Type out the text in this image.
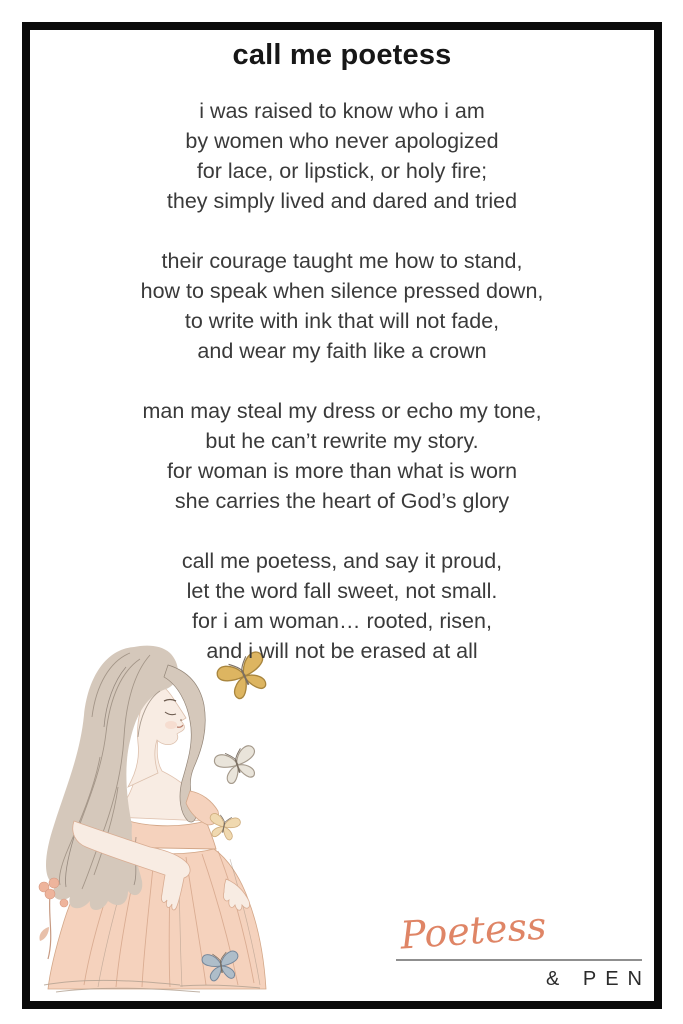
call me poetess
i was raised to know who i am
by women who never apologized
for lace, or lipstick, or holy fire;
they simply lived and dared and tried
their courage taught me how to stand,
how to speak when silence pressed down,
to write with ink that will not fade,
and wear my faith like a crown
man may steal my dress or echo my tone,
but he can’t rewrite my story.
for woman is more than what is worn
she carries the heart of God’s glory
call me poetess, and say it proud,
let the word fall sweet, not small.
for i am woman… rooted, risen,
and i will not be erased at all
Poetess
& PEN
